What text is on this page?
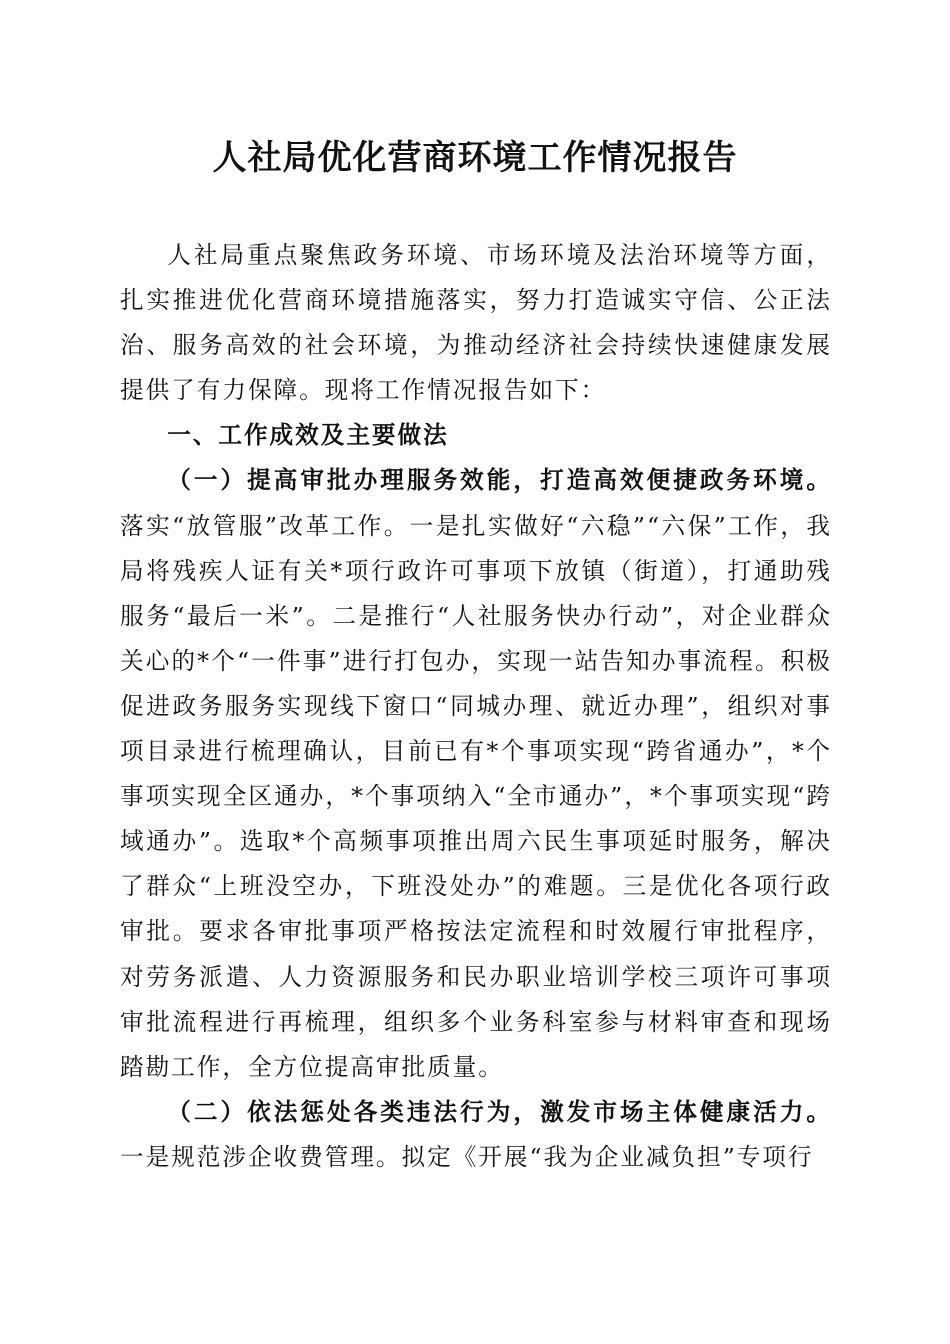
人社局优化营商环境工作情况报告

人社局重点聚焦政务环境、市场环境及法治环境等方面，扎实推进优化营商环境措施落实，努力打造诚实守信、公正法治、服务高效的社会环境，为推动经济社会持续快速健康发展提供了有力保障。现将工作情况报告如下：

一、工作成效及主要做法

（一）提高审批办理服务效能，打造高效便捷政务环境。落实“放管服”改革工作。一是扎实做好“六稳”“六保”工作，我局将残疾人证有关*项行政许可事项下放镇（街道），打通助残服务“最后一米”。二是推行“人社服务快办行动”，对企业群众关心的*个“一件事”进行打包办，实现一站告知办事流程。积极促进政务服务实现线下窗口“同城办理、就近办理”，组织对事项目录进行梳理确认，目前已有*个事项实现“跨省通办”，*个事项实现全区通办，*个事项纳入“全市通办”，*个事项实现“跨域通办”。选取*个高频事项推出周六民生事项延时服务，解决了群众“上班没空办，下班没处办”的难题。三是优化各项行政审批。要求各审批事项严格按法定流程和时效履行审批程序，对劳务派遣、人力资源服务和民办职业培训学校三项许可事项审批流程进行再梳理，组织多个业务科室参与材料审查和现场踏勘工作，全方位提高审批质量。

（二）依法惩处各类违法行为，激发市场主体健康活力。一是规范涉企收费管理。拟定《开展“我为企业减负担”专项行
